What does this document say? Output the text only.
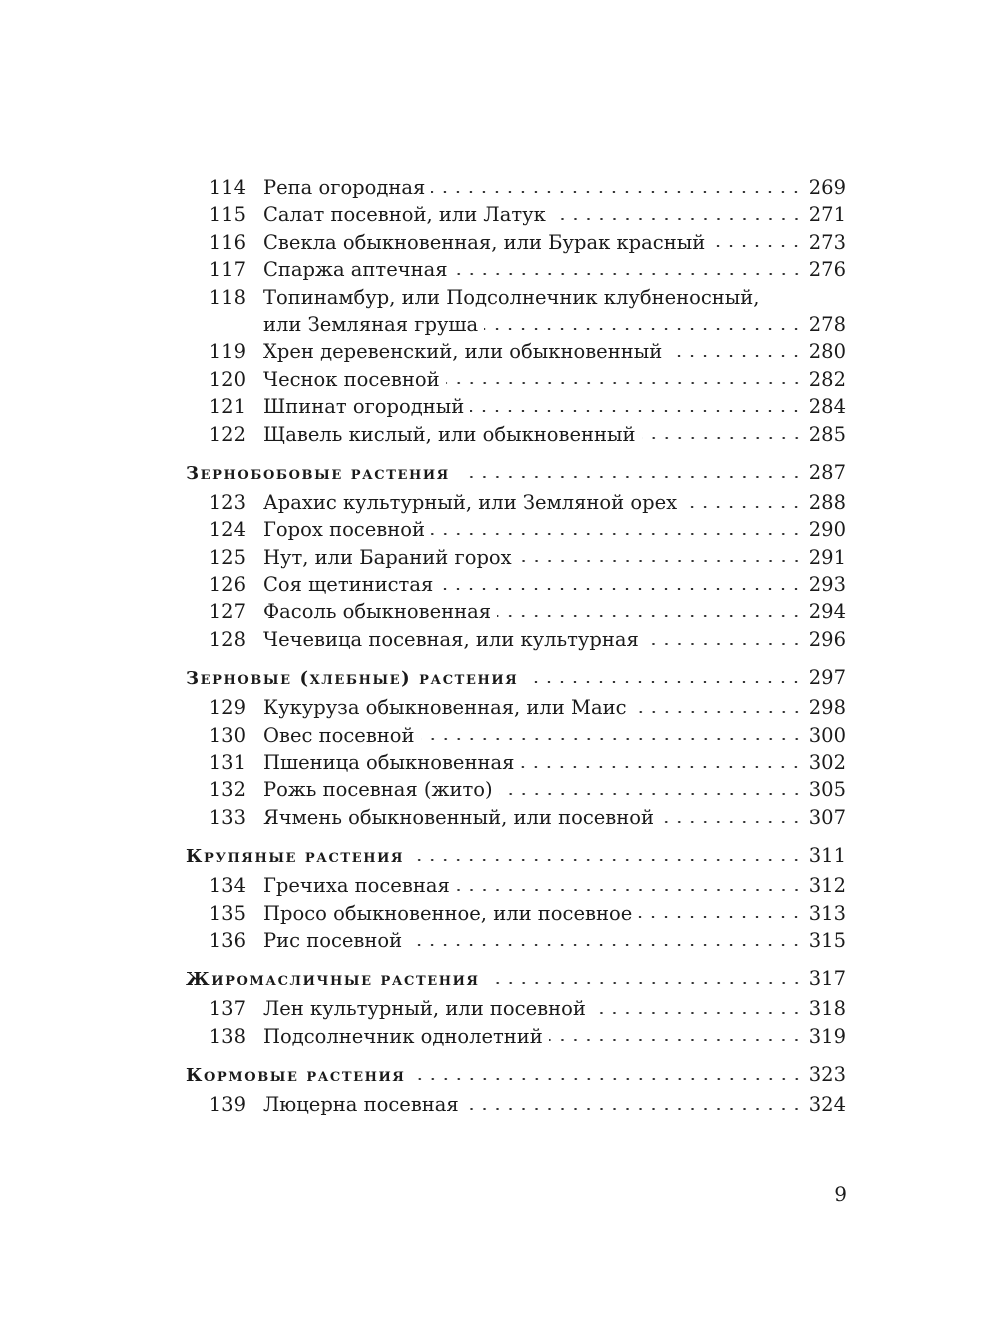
114 Репа огородная	269
115 Салат посевной, или Латук	271
116 Свекла обыкновенная, или Бурак красный	273
117 Спаржа аптечная	276
118 Топинамбур, или Подсолнечник клубненосный,
или Земляная груша	278
119 Хрен деревенский, или обыкновенный	280
120 Чеснок посевной	282
121 Шпинат огородный	284
122 Щавель кислый, или обыкновенный	285
Зернобобовые растения	287
123 Арахис культурный, или Земляной орех	288
124 Горох посевной	290
125 Нут, или Бараний горох	291
126 Соя щетинистая	293
127 Фасоль обыкновенная	294
128 Чечевица посевная, или культурная	296
Зерновые (хлебные) растения	297
129 Кукуруза обыкновенная, или Маис	298
130 Овес посевной	300
131 Пшеница обыкновенная	302
132 Рожь посевная (жито)	305
133 Ячмень обыкновенный, или посевной	307
Крупяные растения	311
134 Гречиха посевная	312
135 Просо обыкновенное, или посевное	313
136 Рис посевной	315
Жиромасличные растения	317
137 Лен культурный, или посевной	318
138 Подсолнечник однолетний	319
Кормовые растения	323
139 Люцерна посевная	324
9
